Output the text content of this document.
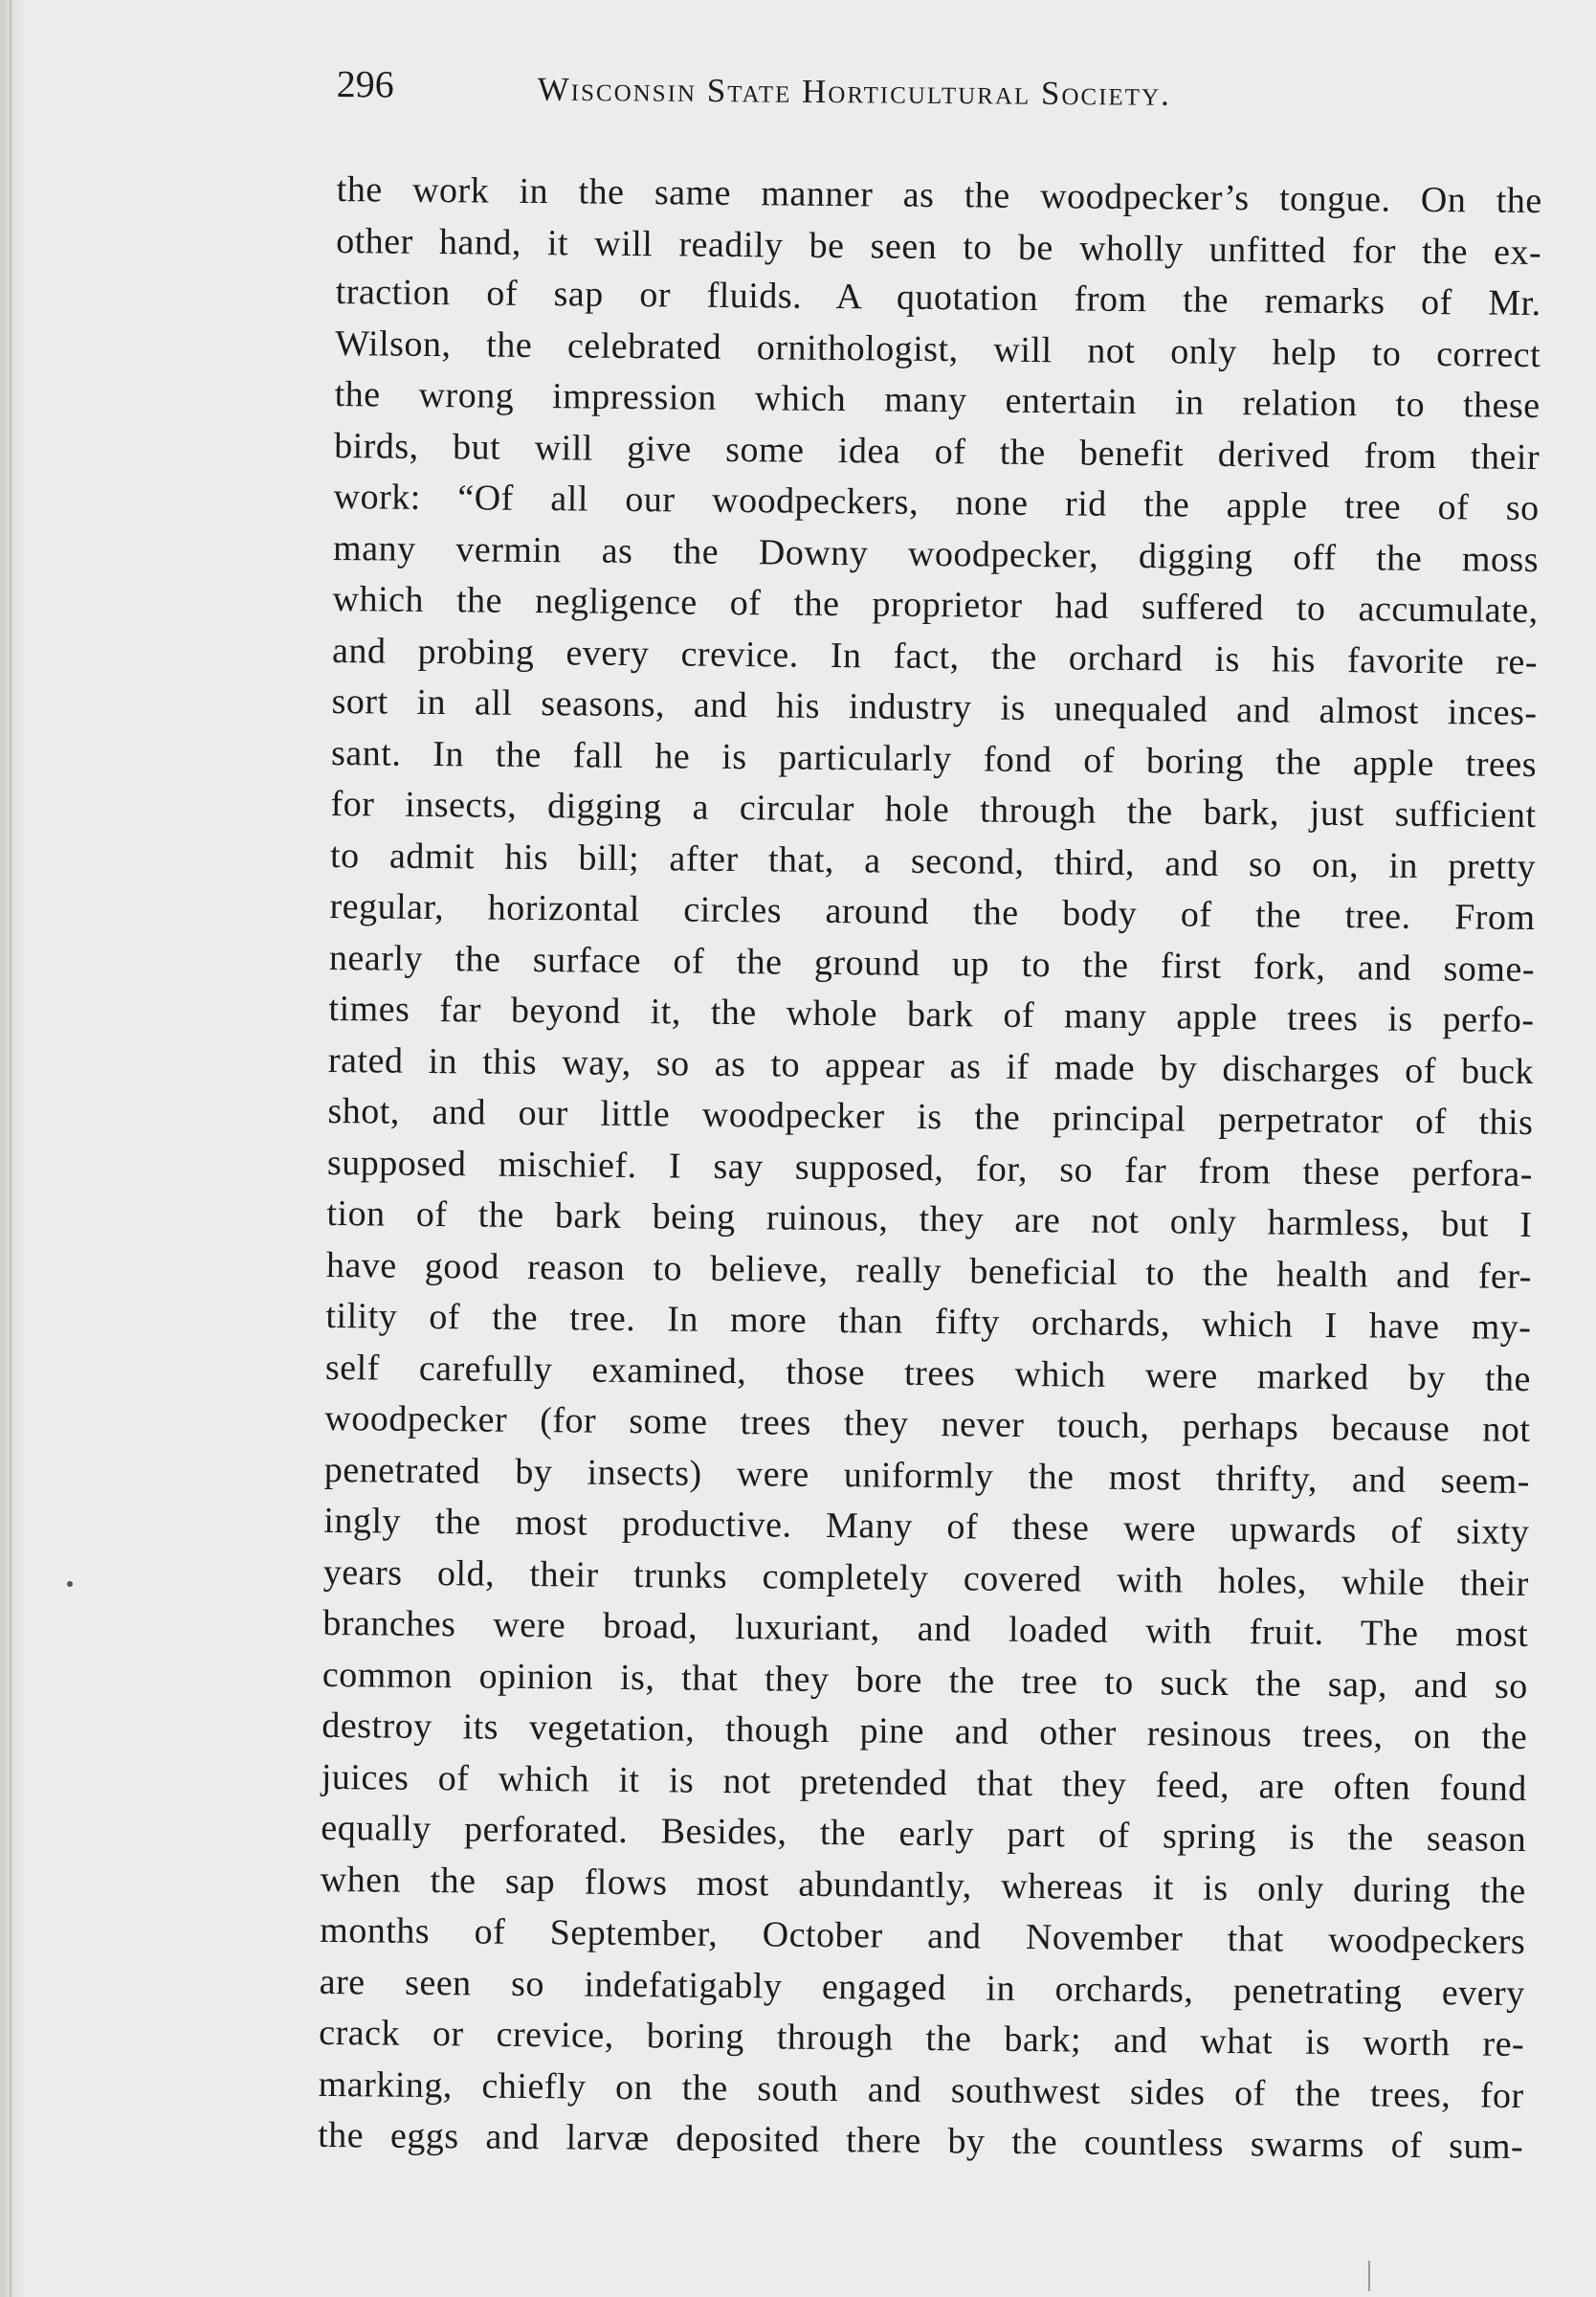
296	Wisconsin State Horticultural Society.
the work in the same manner as the woodpecker’s tongue. On the
other hand, it will readily be seen to be wholly unfitted for the ex-
traction of sap or fluids. A quotation from the remarks of Mr.
Wilson, the celebrated ornithologist, will not only help to correct
the wrong impression which many entertain in relation to these
birds, but will give some idea of the benefit derived from their
work: “Of all our woodpeckers, none rid the apple tree of so
many vermin as the Downy woodpecker, digging off the moss
which the negligence of the proprietor had suffered to accumulate,
and probing every crevice. In fact, the orchard is his favorite re-
sort in all seasons, and his industry is unequaled and almost inces-
sant. In the fall he is particularly fond of boring the apple trees
for insects, digging a circular hole through the bark, just sufficient
to admit his bill; after that, a second, third, and so on, in pretty
regular, horizontal circles around the body of the tree. From
nearly the surface of the ground up to the first fork, and some-
times far beyond it, the whole bark of many apple trees is perfo-
rated in this way, so as to appear as if made by discharges of buck
shot, and our little woodpecker is the principal perpetrator of this
supposed mischief. I say supposed, for, so far from these perfora-
tion of the bark being ruinous, they are not only harmless, but I
have good reason to believe, really beneficial to the health and fer-
tility of the tree. In more than fifty orchards, which I have my-
self carefully examined, those trees which were marked by the
woodpecker (for some trees they never touch, perhaps because not
penetrated by insects) were uniformly the most thrifty, and seem-
ingly the most productive. Many of these were upwards of sixty
years old, their trunks completely covered with holes, while their
branches were broad, luxuriant, and loaded with fruit. The most
common opinion is, that they bore the tree to suck the sap, and so
destroy its vegetation, though pine and other resinous trees, on the
juices of which it is not pretended that they feed, are often found
equally perforated. Besides, the early part of spring is the season
when the sap flows most abundantly, whereas it is only during the
months of September, October and November that woodpeckers
are seen so indefatigably engaged in orchards, penetrating every
crack or crevice, boring through the bark; and what is worth re-
marking, chiefly on the south and southwest sides of the trees, for
the eggs and larvæ deposited there by the countless swarms of sum-
